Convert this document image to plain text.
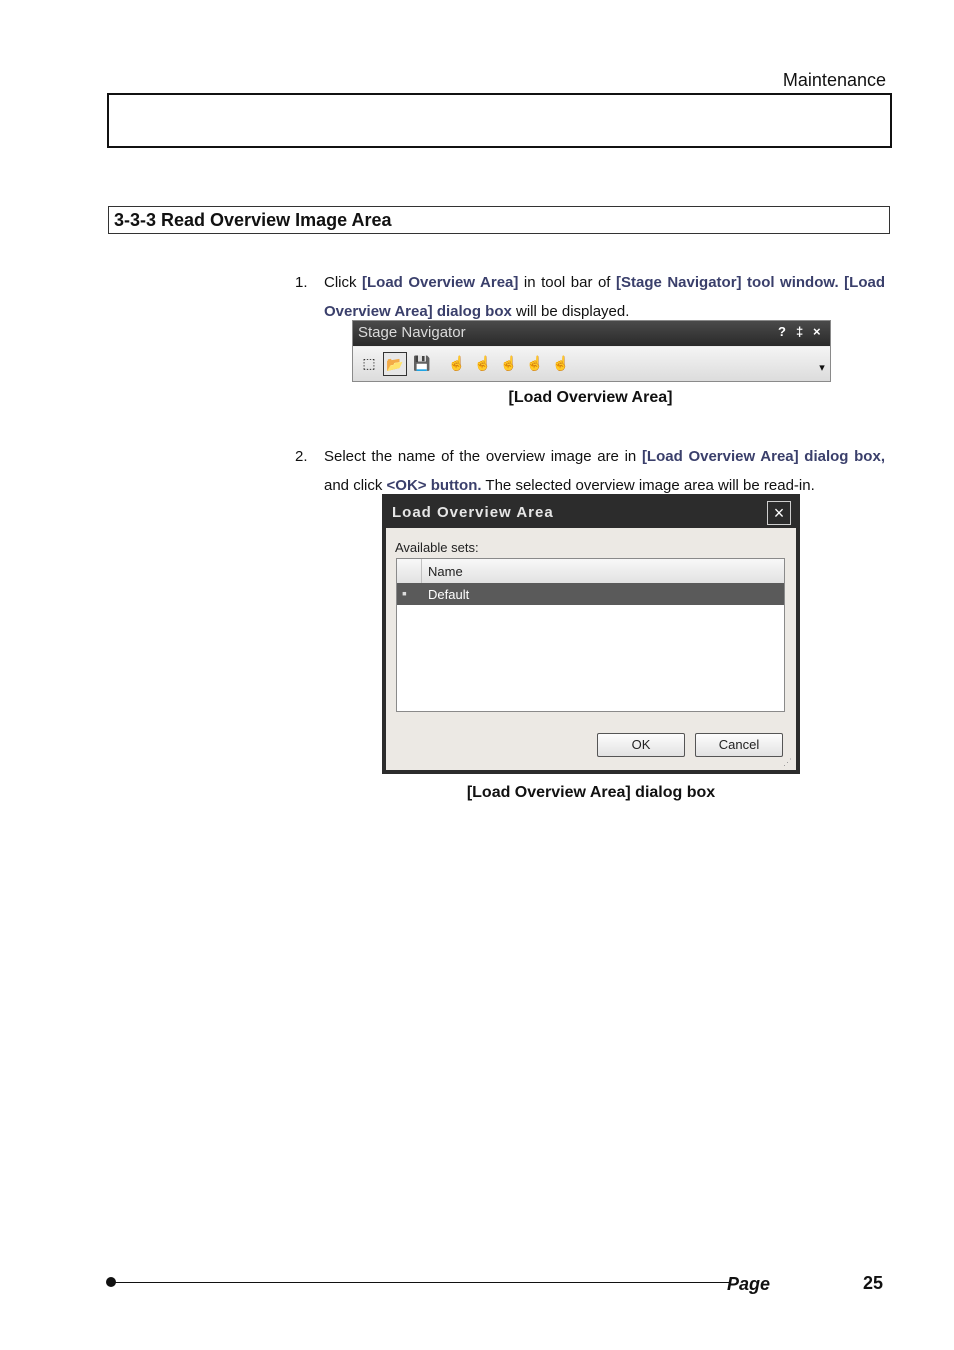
Maintenance
3-3-3 Read Overview Image Area
1. Click [Load Overview Area] in tool bar of [Stage Navigator] tool window. [Load Overview Area] dialog box will be displayed.
Stage Navigator	? ‡ ×
⬚ 📂 💾 ☝ ☝ ☝ ☝ ☝	▾
[Load Overview Area]
2. Select the name of the overview image are in [Load Overview Area] dialog box, and click <OK> button. The selected overview image area will be read-in.
Load Overview Area	×
Available sets:
Name
▪ Default
OK	Cancel
⋰
[Load Overview Area] dialog box
Page	25
